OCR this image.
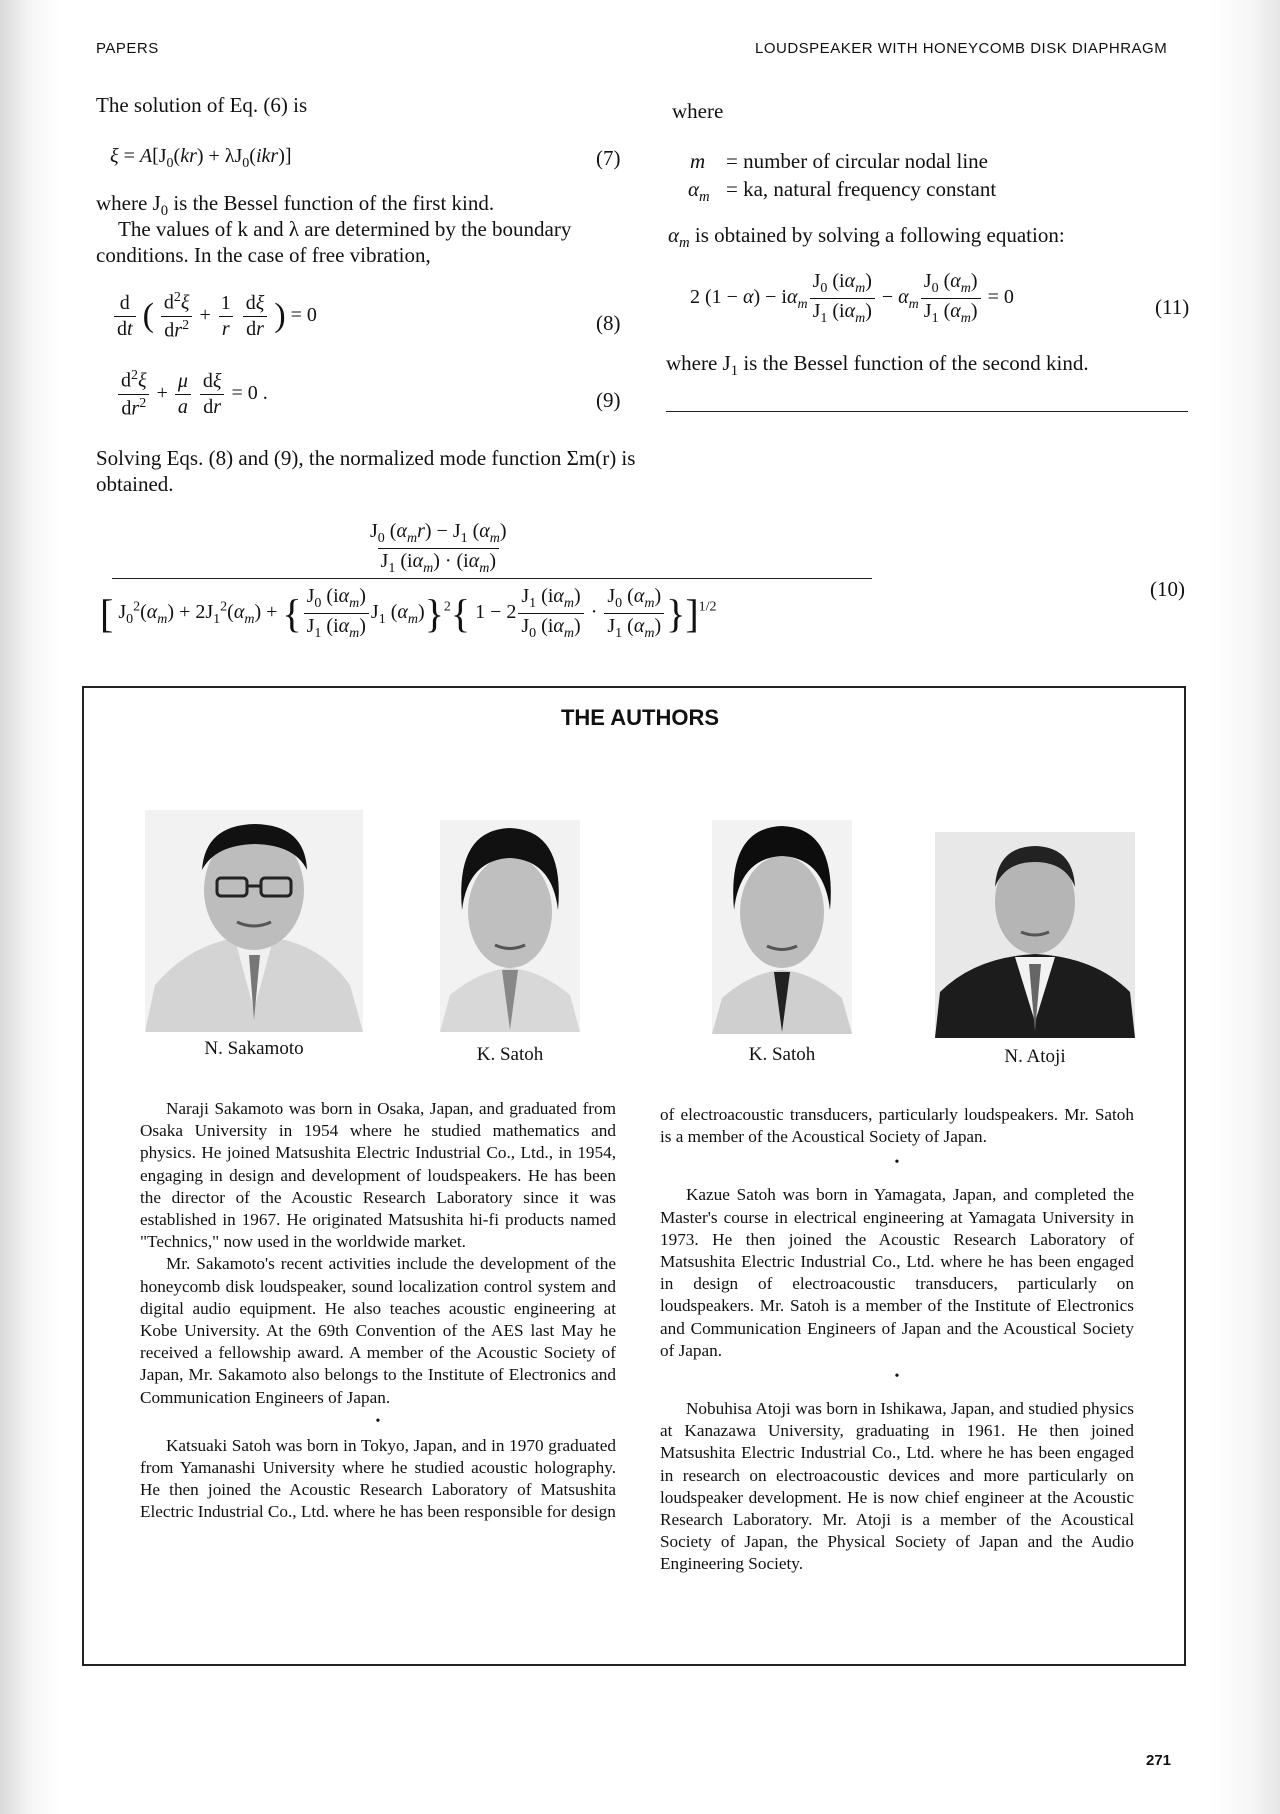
PAPERS	LOUDSPEAKER WITH HONEYCOMB DISK DIAPHRAGM
The solution of Eq. (6) is
$\xi = A[J_0(kr) + \lambda J_0(ikr)]$	(7)
where $J_0$ is the Bessel function of the first kind.
The values of k and λ are determined by the boundary conditions. In the case of free vibration,
$\frac{d}{dt}$ ( $\frac{d^2\xi}{dr^2} + \frac{1}{r}$
$\frac{d\xi}{dr}$ ) = 0	(8)
$\frac{d^2\xi}{dr^2} + \frac{\mu}{a}$
$\frac{d\xi}{dr} = 0$ .	(9)
Solving Eqs. (8) and (9), the normalized mode function Σm(r) is obtained.
where
m = number of circular nodal line
$\alpha_m$ = ka, natural frequency constant
$\alpha_m$ is obtained by solving a following equation:
2 $(1 - \alpha) - i\alpha_m \frac{J_0 (i\alpha_m)}{J_1 (i\alpha_m)} - \alpha_m \frac{J_0 (\alpha_m)}{J_1 (\alpha_m)} = 0$	(11)
where $J_1$ is the Bessel function of the second kind.
$\frac{J_0 (\alpha_mr) - J_1 (\alpha_m)}{J_1 (i\alpha_m) \cdot (i\alpha_m)}$
[ $J_0^2(\alpha_m) + 2J_1^2(\alpha_m)$ + { $\frac{J_0 (i\alpha_m)}{J_1 (i\alpha_m)} J_1$ $(\alpha_m)\}^2${ $1 - 2 \frac{J_1 (i\alpha_m)}{J_0 (i\alpha_m)} \cdot \frac{J_0 (\alpha_m)}{J_1 (\alpha_m)} \}]^{1/2}$
(10)
THE AUTHORS
N. Sakamoto	K. Satoh	K. Satoh	N. Atoji

Naraji Sakamoto was born in Osaka, Japan, and graduated from Osaka University in 1954 where he studied mathematics and physics. He joined Matsushita Electric Industrial Co., Ltd., in 1954, engaging in design and development of loudspeakers. He has been the director of the Acoustic Research Laboratory since it was established in 1967. He originated Matsushita hi-fi products named "Technics," now used in the worldwide market.

Mr. Sakamoto's recent activities include the development of the honeycomb disk loudspeaker, sound localization control system and digital audio equipment. He also teaches acoustic engineering at Kobe University. At the 69th Convention of the AES last May he received a fellowship award. A member of the Acoustic Society of Japan, Mr. Sakamoto also belongs to the Institute of Electronics and Communication Engineers of Japan.

•

Katsuaki Satoh was born in Tokyo, Japan, and in 1970 graduated from Yamanashi University where he studied acoustic holography. He then joined the Acoustic Research Laboratory of Matsushita Electric Industrial Co., Ltd. where he has been responsible for design

of electroacoustic transducers, particularly loudspeakers. Mr. Satoh is a member of the Acoustical Society of Japan.

•

Kazue Satoh was born in Yamagata, Japan, and completed the Master's course in electrical engineering at Yamagata University in 1973. He then joined the Acoustic Research Laboratory of Matsushita Electric Industrial Co., Ltd. where he has been engaged in design of electroacoustic transducers, particularly on loudspeakers. Mr. Satoh is a member of the Institute of Electronics and Communication Engineers of Japan and the Acoustical Society of Japan.

•

Nobuhisa Atoji was born in Ishikawa, Japan, and studied physics at Kanazawa University, graduating in 1961. He then joined Matsushita Electric Industrial Co., Ltd. where he has been engaged in research on electroacoustic devices and more particularly on loudspeaker development. He is now chief engineer at the Acoustic Research Laboratory. Mr. Atoji is a member of the Acoustical Society of Japan, the Physical Society of Japan and the Audio Engineering Society.

271
